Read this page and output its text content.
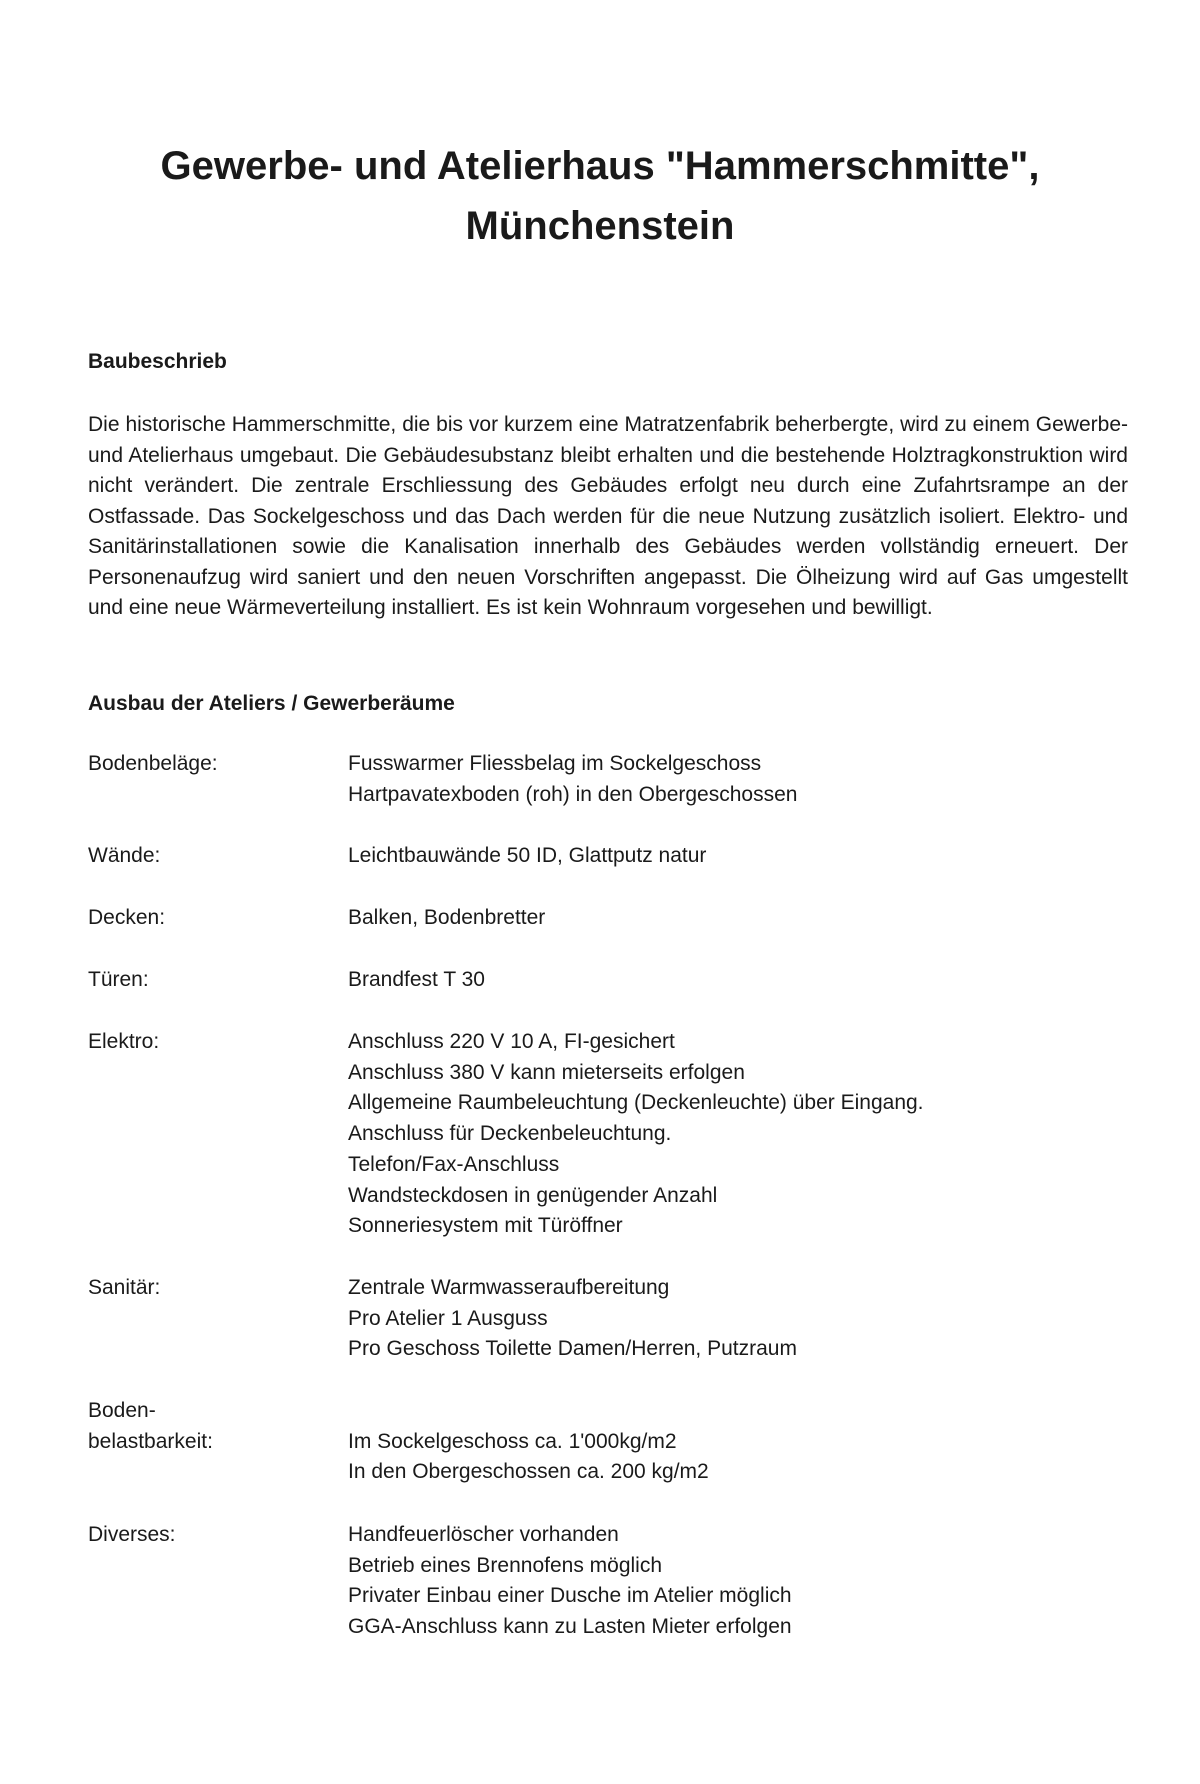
Gewerbe- und Atelierhaus "Hammerschmitte",
Münchenstein
Baubeschrieb

Die historische Hammerschmitte, die bis vor kurzem eine Matratzenfabrik beherbergte, wird zu einem Gewerbe- und Atelierhaus umgebaut. Die Gebäudesubstanz bleibt erhalten und die bestehende Holztragkonstruktion wird nicht verändert. Die zentrale Erschliessung des Gebäudes erfolgt neu durch eine Zufahrtsrampe an der Ostfassade. Das Sockelgeschoss und das Dach werden für die neue Nutzung zusätzlich isoliert. Elektro- und Sanitärinstallationen sowie die Kanalisation innerhalb des Gebäudes werden vollständig erneuert. Der Personenaufzug wird saniert und den neuen Vorschriften angepasst. Die Ölheizung wird auf Gas umgestellt und eine neue Wärmeverteilung installiert. Es ist kein Wohnraum vorgesehen und bewilligt.

Ausbau der Ateliers / Gewerberäume
Bodenbeläge:	Fusswarmer Fliessbelag im Sockelgeschoss
Hartpavatexboden (roh) in den Obergeschossen
Wände:	Leichtbauwände 50 ID, Glattputz natur
Decken:	Balken, Bodenbretter
Türen:	Brandfest T 30
Elektro:	Anschluss 220 V 10 A, FI-gesichert
Anschluss 380 V kann mieterseits erfolgen
Allgemeine Raumbeleuchtung (Deckenleuchte) über Eingang.
Anschluss für Deckenbeleuchtung.
Telefon/Fax-Anschluss
Wandsteckdosen in genügender Anzahl
Sonneriesystem mit Türöffner
Sanitär:	Zentrale Warmwasseraufbereitung
Pro Atelier 1 Ausguss
Pro Geschoss Toilette Damen/Herren, Putzraum
Boden-
belastbarkeit:
	Im Sockelgeschoss ca. 1'000kg/m2
In den Obergeschossen ca. 200 kg/m2
Diverses:	Handfeuerlöscher vorhanden
Betrieb eines Brennofens möglich
Privater Einbau einer Dusche im Atelier möglich
GGA-Anschluss kann zu Lasten Mieter erfolgen
